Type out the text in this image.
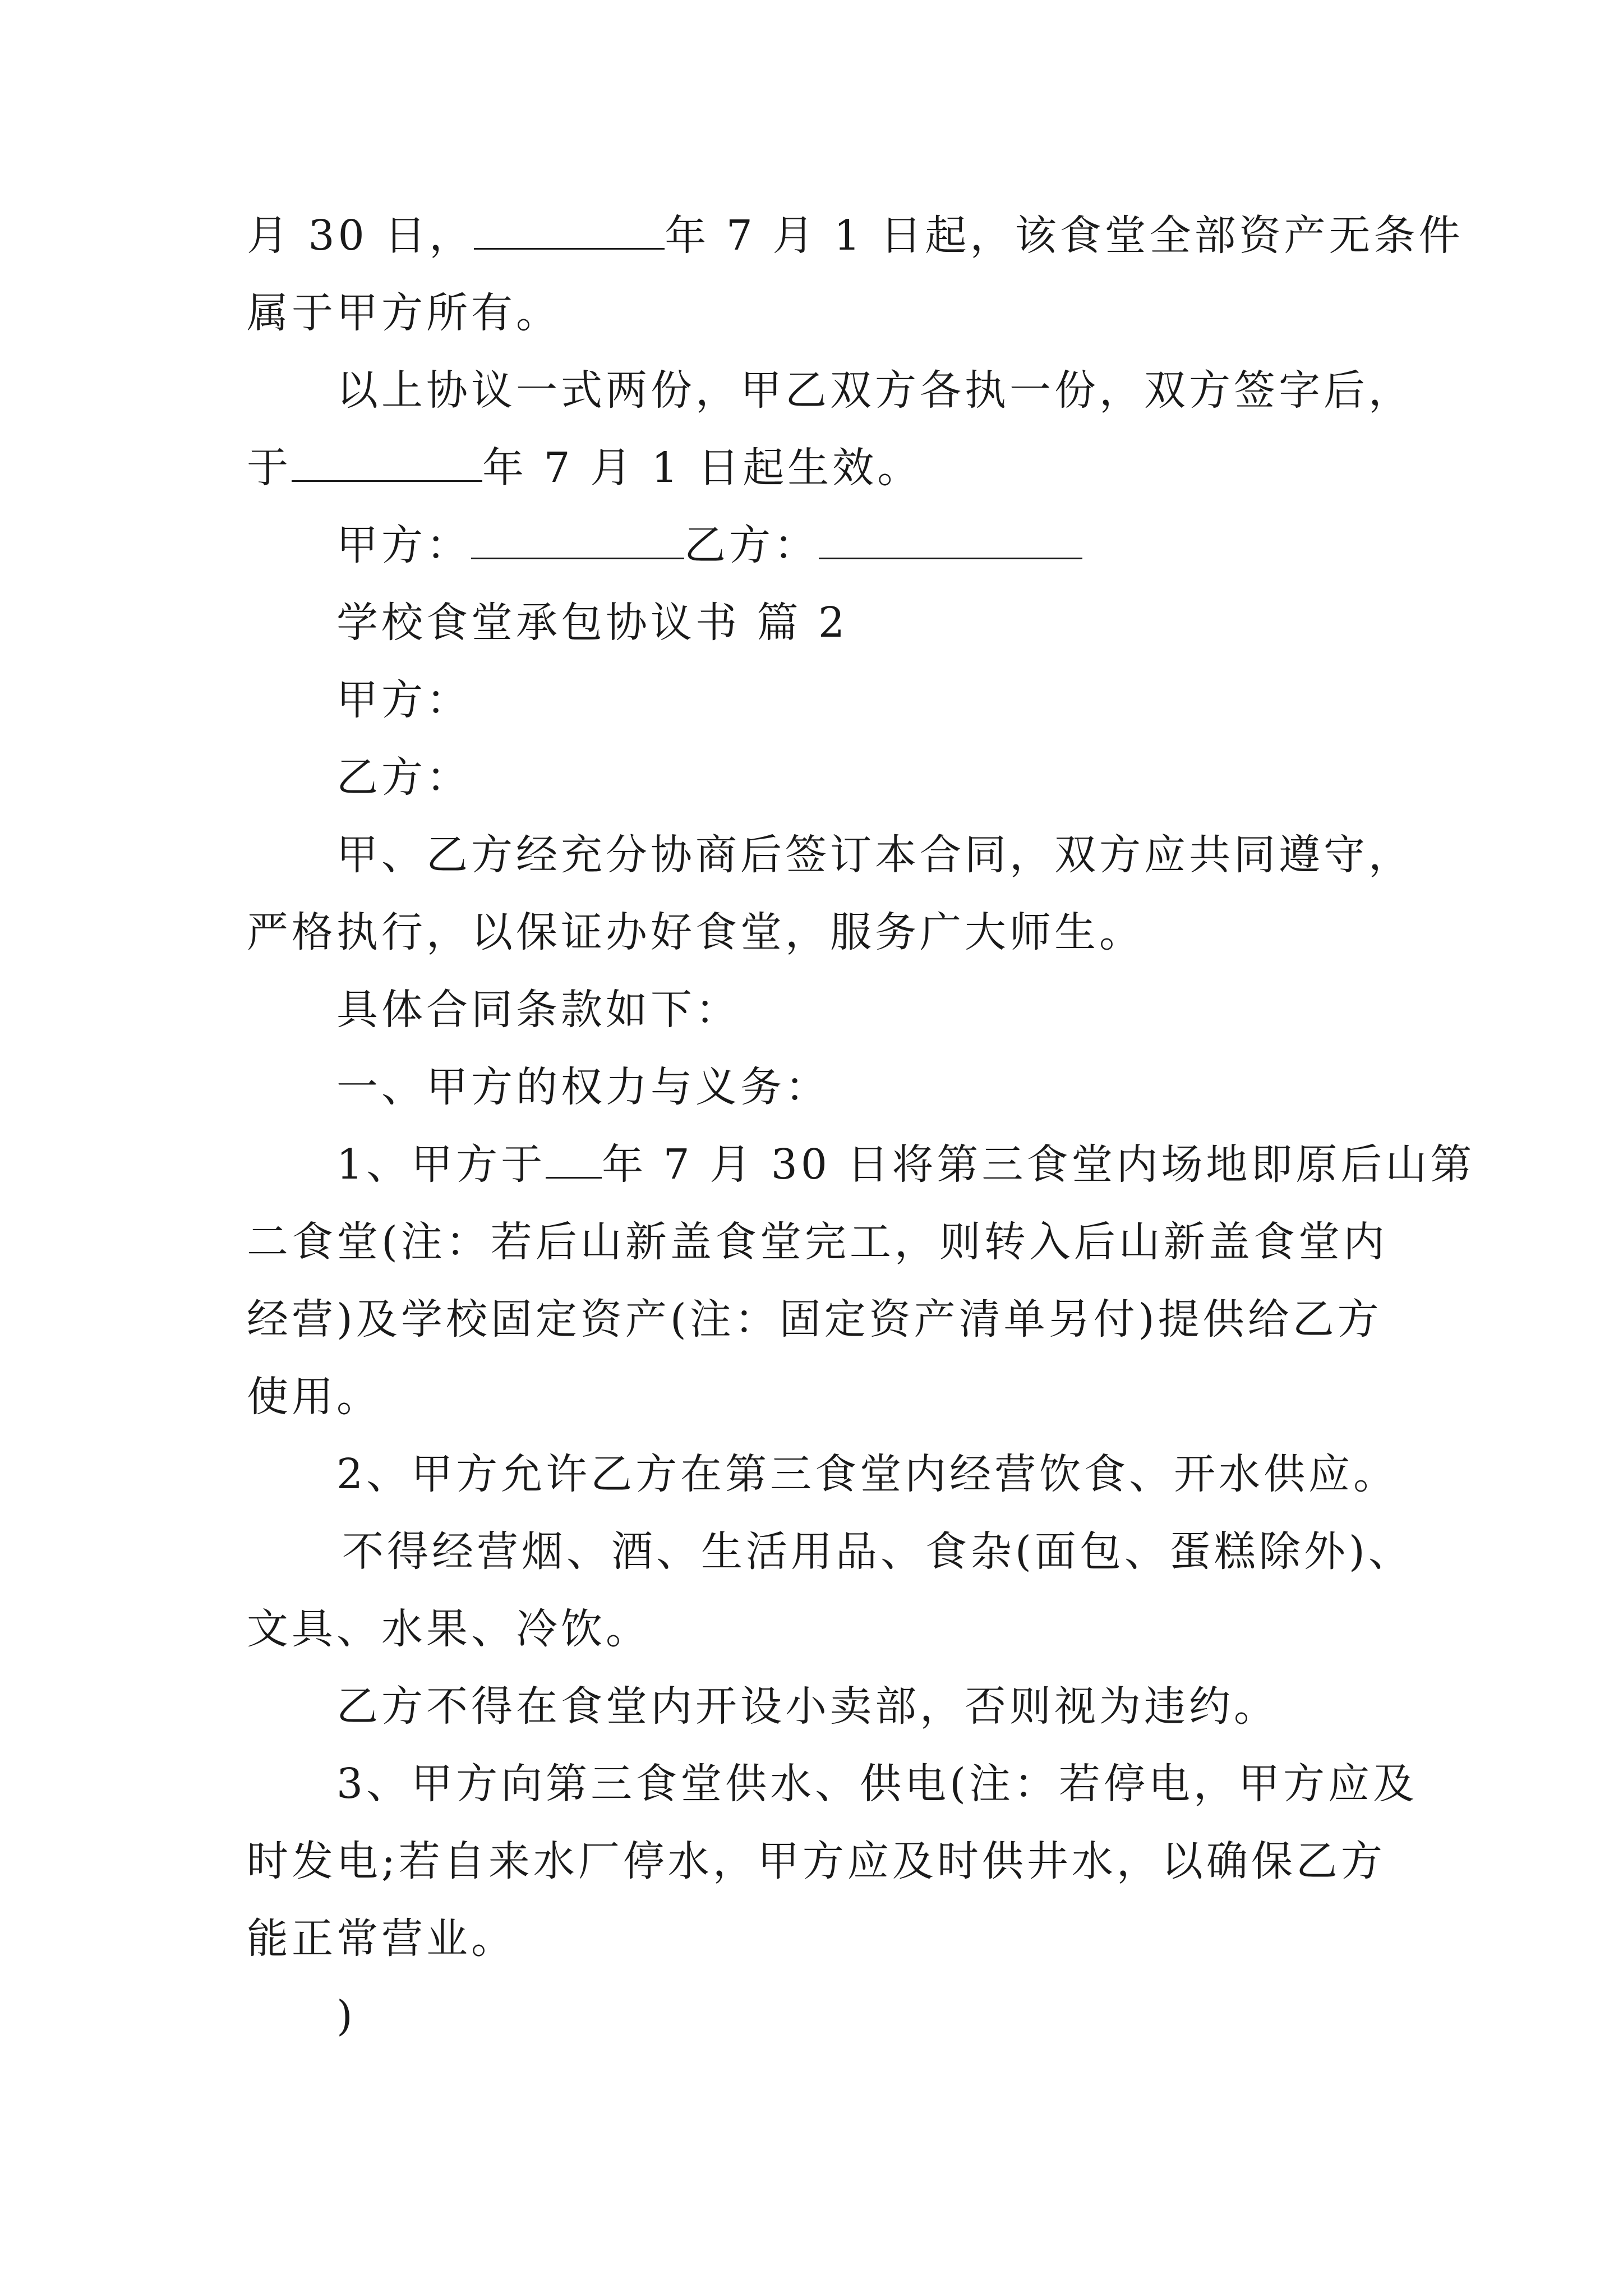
月 30 日，	年 7 月 1 日起，该食堂全部资产无条件
属于甲方所有。
以上协议一式两份，甲乙双方各执一份，双方签字后，
于	年 7 月 1 日起生效。
甲方：	乙方：
学校食堂承包协议书 篇 2
甲方：
乙方：
甲、乙方经充分协商后签订本合同，双方应共同遵守，
严格执行，以保证办好食堂，服务广大师生。
具体合同条款如下：
一、甲方的权力与义务：
1、甲方于 年 7 月 30 日将第三食堂内场地即原后山第
二食堂(注：若后山新盖食堂完工，则转入后山新盖食堂内
经营)及学校固定资产(注：固定资产清单另付)提供给乙方
使用。
2、甲方允许乙方在第三食堂内经营饮食、开水供应。
不得经营烟、酒、生活用品、食杂(面包、蛋糕除外)、
文具、水果、冷饮。
乙方不得在食堂内开设小卖部，否则视为违约。
3、甲方向第三食堂供水、供电(注：若停电，甲方应及
时发电;若自来水厂停水，甲方应及时供井水，以确保乙方
能正常营业。
)
